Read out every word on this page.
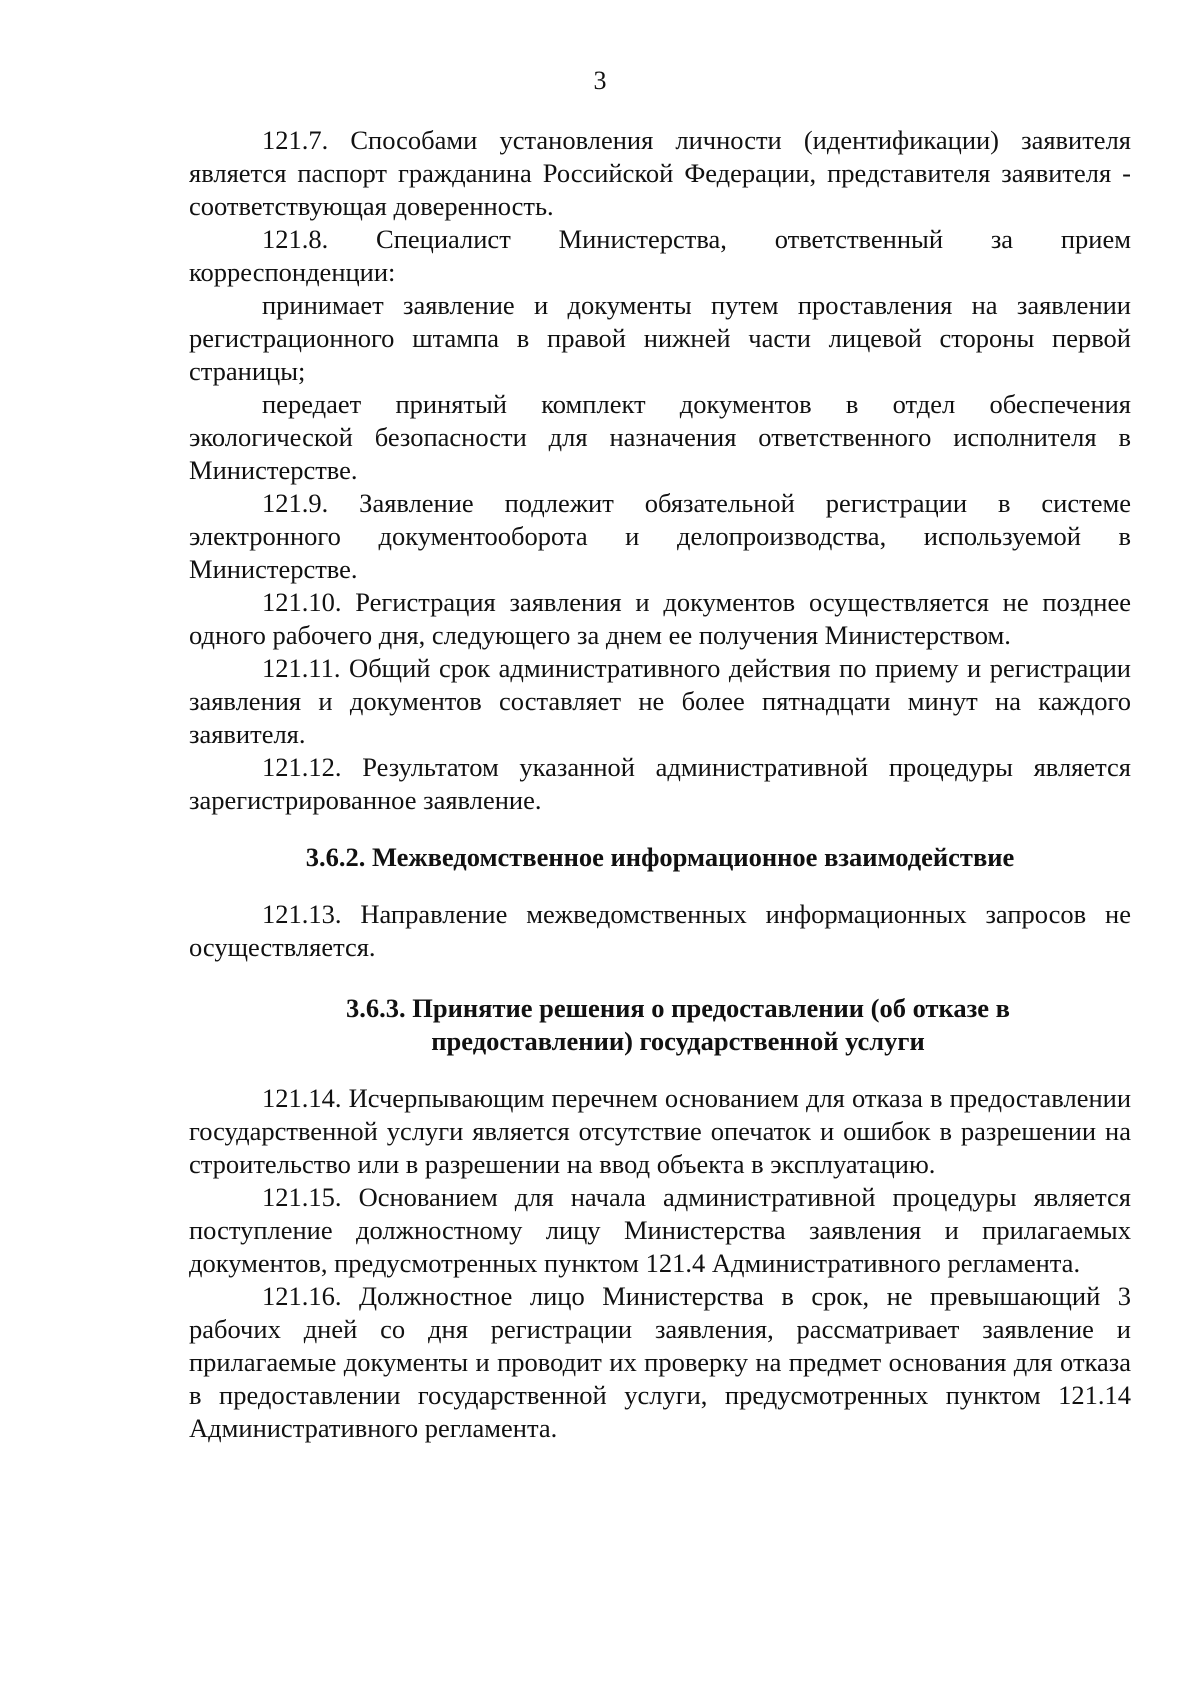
3

121.7. Способами установления личности (идентификации) заявителя является паспорт гражданина Российской Федерации, представителя заявителя - соответствующая доверенность.

121.8. Специалист Министерства, ответственный за прием корреспонденции:

принимает заявление и документы путем проставления на заявлении регистрационного штампа в правой нижней части лицевой стороны первой страницы;

передает принятый комплект документов в отдел обеспечения экологической безопасности для назначения ответственного исполнителя в Министерстве.

121.9. Заявление подлежит обязательной регистрации в системе электронного документооборота и делопроизводства, используемой в Министерстве.

121.10. Регистрация заявления и документов осуществляется не позднее одного рабочего дня, следующего за днем ее получения Министерством.

121.11. Общий срок административного действия по приему и регистрации заявления и документов составляет не более пятнадцати минут на каждого заявителя.

121.12. Результатом указанной административной процедуры является зарегистрированное заявление.

3.6.2. Межведомственное информационное взаимодействие

121.13. Направление межведомственных информационных запросов не осуществляется.

3.6.3. Принятие решения о предоставлении (об отказе в
предоставлении) государственной услуги

121.14. Исчерпывающим перечнем основанием для отказа в предоставлении государственной услуги является отсутствие опечаток и ошибок в разрешении на строительство или в разрешении на ввод объекта в эксплуатацию.

121.15. Основанием для начала административной процедуры является поступление должностному лицу Министерства заявления и прилагаемых документов, предусмотренных пунктом 121.4 Административного регламента.

121.16. Должностное лицо Министерства в срок, не превышающий 3 рабочих дней со дня регистрации заявления, рассматривает заявление и прилагаемые документы и проводит их проверку на предмет основания для отказа в предоставлении государственной услуги, предусмотренных пунктом 121.14 Административного регламента.
